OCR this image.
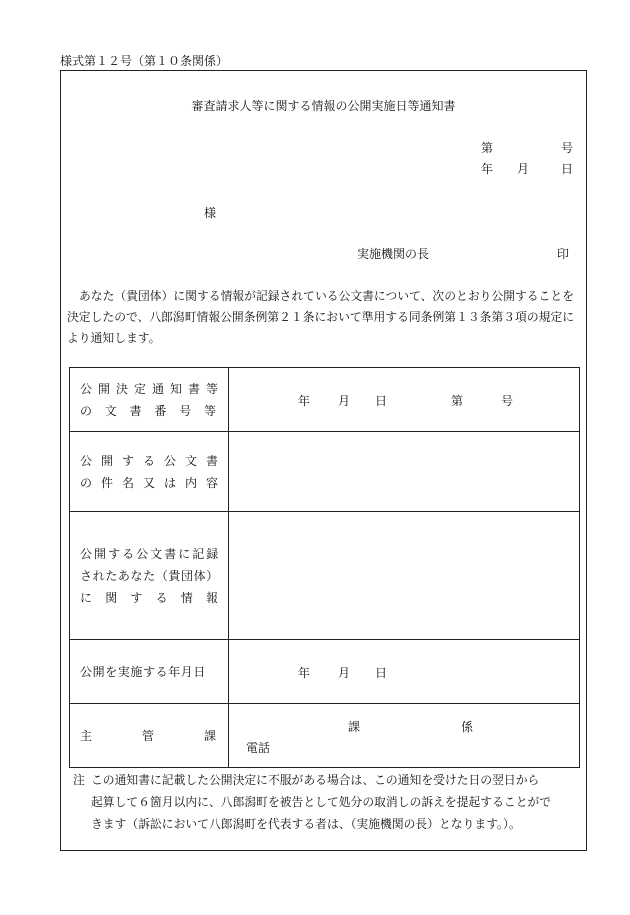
様式第１２号（第１０条関係）
審査請求人等に関する情報の公開実施日等通知書
第	号
年 月	日
様
実施機関の長	印
あなた（貴団体）に関する情報が記録されている公文書について、次のとおり公開することを決定したので、八郎潟町情報公開条例第２１条において準用する同条例第１３条第３項の規定により通知します。
公開決定通知書等
の文書番号等	年 月 日 第 号

公開する公文書
の件名又は内容	

公開する公文書に記録
されたあなた（貴団体）
に関する情報	

公開を実施する年月日	年 月 日

主管課	課 係
電話
注 この通知書に記載した公開決定に不服がある場合は、この通知を受けた日の翌日から
起算して６箇月以内に、八郎潟町を被告として処分の取消しの訴えを提起することがで
きます（訴訟において八郎潟町を代表する者は、（実施機関の長）となります。）。
